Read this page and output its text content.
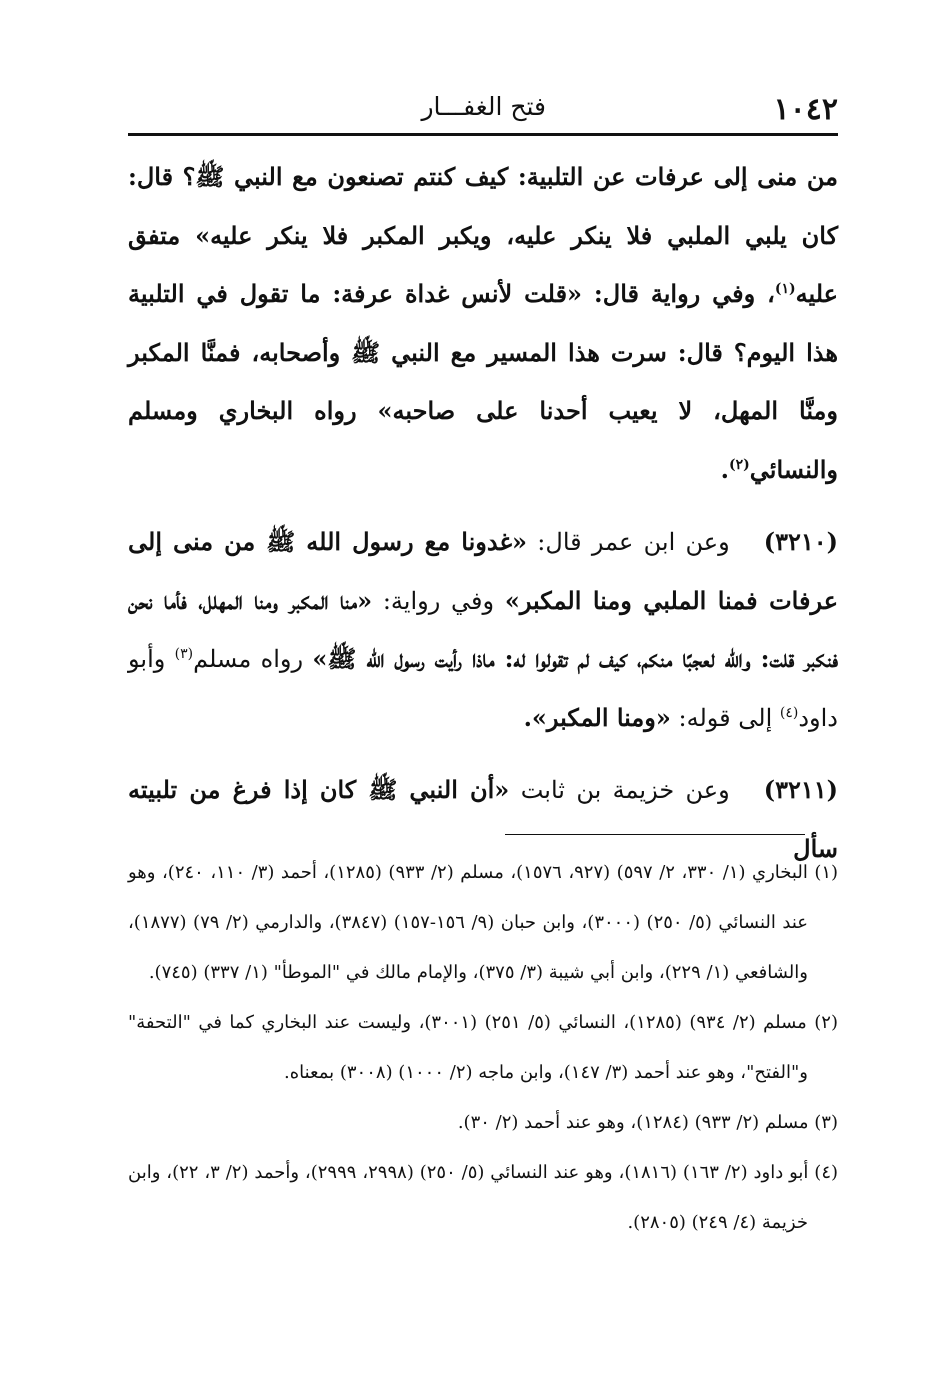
١٠٤٢
فتح الغفـــار

من منى إلى عرفات عن التلبية: كيف كنتم تصنعون مع النبي ﷺ؟ قال: كان يلبي الملبي فلا ينكر عليه، ويكبر المكبر فلا ينكر عليه» متفق عليه$^{(١)}$، وفي رواية قال: «قلت لأنس غداة عرفة: ما تقول في التلبية هذا اليوم؟ قال: سرت هذا المسير مع النبي ﷺ وأصحابه، فمنَّا المكبر ومنَّا المهل، لا يعيب أحدنا على صاحبه» رواه البخاري ومسلم والنسائي$^{(٢)}$.

(٣٢١٠)وعن ابن عمر قال: «غدونا مع رسول الله ﷺ من منى إلى عرفات فمنا الملبي ومنا المكبر» وفي رواية: «منا المكبر ومنا المهلل، فأما نحن فنكبر قلت: والله لعجبًا منكم، كيف لم تقولوا له: ماذا رأيت رسول الله ﷺ» رواه مسلم$^{(٣)}$ وأبو داود$^{(٤)}$ إلى قوله: «ومنا المكبر».

(٣٢١١)وعن خزيمة بن ثابت «أن النبي ﷺ كان إذا فرغ من تلبيته سأل

(١) البخاري (١/ ٣٣٠، ٢/ ٥٩٧) (٩٢٧، ١٥٧٦)، مسلم (٢/ ٩٣٣) (١٢٨٥)، أحمد (٣/ ١١٠، ٢٤٠)، وهو عند النسائي (٥/ ٢٥٠) (٣٠٠٠)، وابن حبان (٩/ ١٥٦-١٥٧) (٣٨٤٧)، والدارمي (٢/ ٧٩) (١٨٧٧)، والشافعي (١/ ٢٢٩)، وابن أبي شيبة (٣/ ٣٧٥)، والإمام مالك في "الموطأ" (١/ ٣٣٧) (٧٤٥).

(٢) مسلم (٢/ ٩٣٤) (١٢٨٥)، النسائي (٥/ ٢٥١) (٣٠٠١)، وليست عند البخاري كما في "التحفة" و"الفتح"، وهو عند أحمد (٣/ ١٤٧)، وابن ماجه (٢/ ١٠٠٠) (٣٠٠٨) بمعناه.

(٣) مسلم (٢/ ٩٣٣) (١٢٨٤)، وهو عند أحمد (٢/ ٣٠).

(٤) أبو داود (٢/ ١٦٣) (١٨١٦)، وهو عند النسائي (٥/ ٢٥٠) (٢٩٩٨، ٢٩٩٩)، وأحمد (٢/ ٣، ٢٢)، وابن خزيمة (٤/ ٢٤٩) (٢٨٠٥).
